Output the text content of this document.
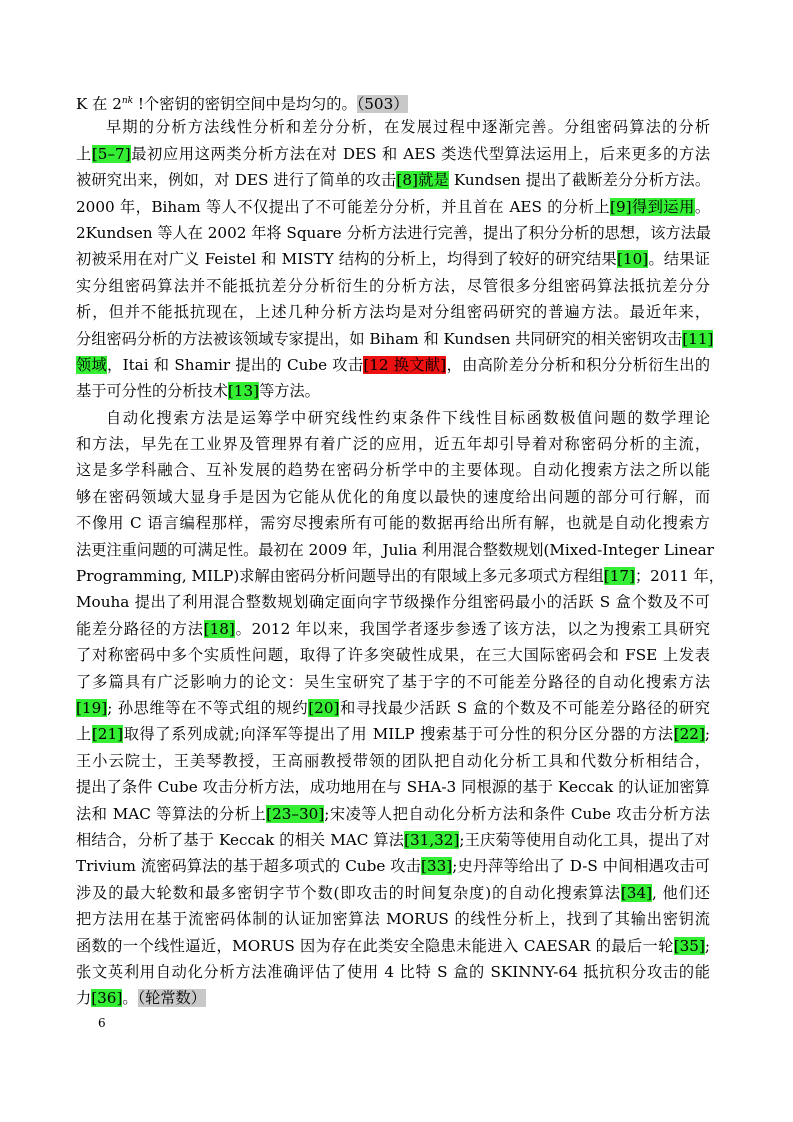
K 在 $2^{nk}$ !个密钥的密钥空间中是均匀的。（503）
早期的分析方法线性分析和差分分析，在发展过程中逐渐完善。分组密码算法的分析
上[5–7]最初应用这两类分析方法在对 DES 和 AES 类迭代型算法运用上，后来更多的方法
被研究出来，例如，对 DES 进行了简单的攻击[8]就是 Kundsen 提出了截断差分分析方法。
2000 年，Biham 等人不仅提出了不可能差分分析，并且首在 AES 的分析上[9]得到运用。
2Kundsen 等人在 2002 年将 Square 分析方法进行完善，提出了积分分析的思想，该方法最
初被采用在对广义 Feistel 和 MISTY 结构的分析上，均得到了较好的研究结果[10]。结果证
实分组密码算法并不能抵抗差分分析衍生的分析方法，尽管很多分组密码算法抵抗差分分
析，但并不能抵抗现在，上述几种分析方法均是对分组密码研究的普遍方法。最近年来，
分组密码分析的方法被该领域专家提出，如 Biham 和 Kundsen 共同研究的相关密钥攻击[11]
领域，Itai 和 Shamir 提出的 Cube 攻击[12 换文献]，由高阶差分分析和积分分析衍生出的
基于可分性的分析技术[13]等方法。
自动化搜索方法是运筹学中研究线性约束条件下线性目标函数极值问题的数学理论
和方法，早先在工业界及管理界有着广泛的应用，近五年却引导着对称密码分析的主流，
这是多学科融合、互补发展的趋势在密码分析学中的主要体现。自动化搜索方法之所以能
够在密码领域大显身手是因为它能从优化的角度以最快的速度给出问题的部分可行解，而
不像用 C 语言编程那样，需穷尽搜索所有可能的数据再给出所有解，也就是自动化搜索方
法更注重问题的可满足性。最初在 2009 年，Julia 利用混合整数规划(Mixed-Integer Linear
Programming, MILP)求解由密码分析问题导出的有限域上多元多项式方程组[17]；2011 年，
Mouha 提出了利用混合整数规划确定面向字节级操作分组密码最小的活跃 S 盒个数及不可
能差分路径的方法[18]。2012 年以来，我国学者逐步参透了该方法，以之为搜索工具研究
了对称密码中多个实质性问题，取得了许多突破性成果，在三大国际密码会和 FSE 上发表
了多篇具有广泛影响力的论文：吴生宝研究了基于字的不可能差分路径的自动化搜索方法
[19]; 孙思维等在不等式组的规约[20]和寻找最少活跃 S 盒的个数及不可能差分路径的研究
上[21]取得了系列成就;向泽军等提出了用 MILP 搜索基于可分性的积分区分器的方法[22];
王小云院士，王美琴教授，王高丽教授带领的团队把自动化分析工具和代数分析相结合，
提出了条件 Cube 攻击分析方法，成功地用在与 SHA-3 同根源的基于 Keccak 的认证加密算
法和 MAC 等算法的分析上[23–30];宋凌等人把自动化分析方法和条件 Cube 攻击分析方法
相结合，分析了基于 Keccak 的相关 MAC 算法[31,32];王庆菊等使用自动化工具，提出了对
Trivium 流密码算法的基于超多项式的 Cube 攻击[33];史丹萍等给出了 D-S 中间相遇攻击可
涉及的最大轮数和最多密钥字节个数(即攻击的时间复杂度)的自动化搜索算法[34], 他们还
把方法用在基于流密码体制的认证加密算法 MORUS 的线性分析上，找到了其输出密钥流
函数的一个线性逼近，MORUS 因为存在此类安全隐患未能进入 CAESAR 的最后一轮[35];
张文英利用自动化分析方法准确评估了使用 4 比特 S 盒的 SKINNY-64 抵抗积分攻击的能
力[36]。（轮常数）
6
